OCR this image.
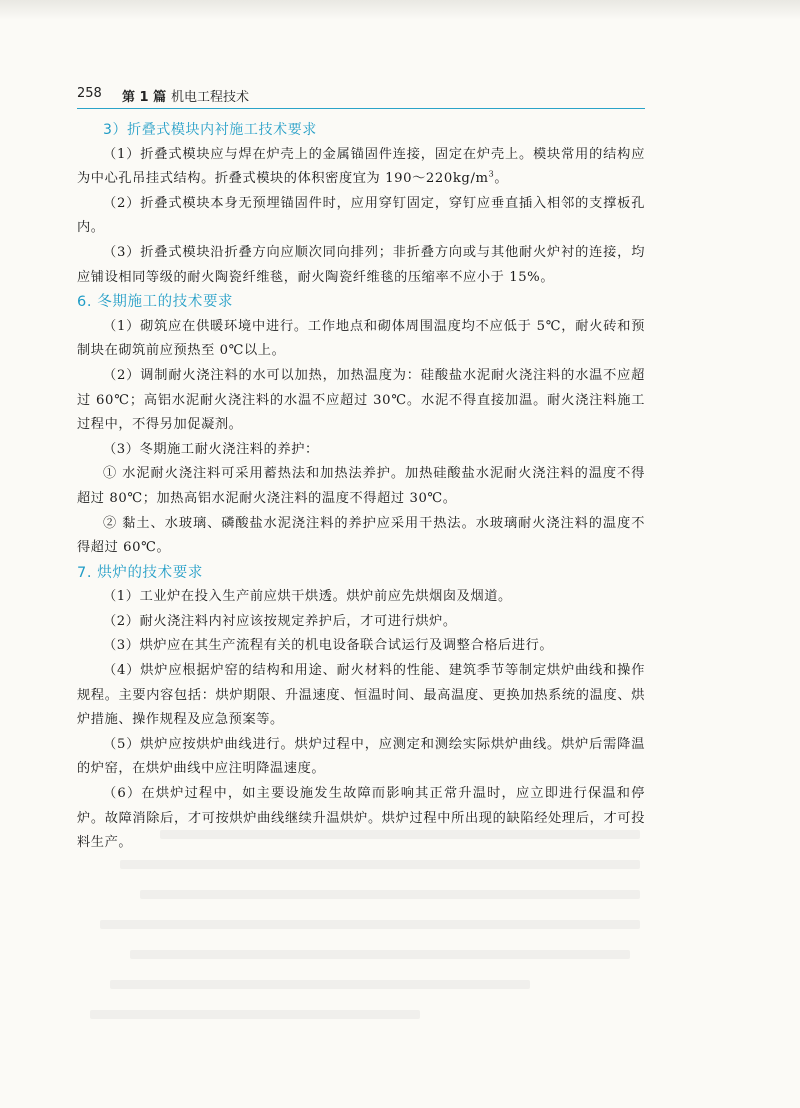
258 第 1 篇 机电工程技术
3）折叠式模块内衬施工技术要求

（1）折叠式模块应与焊在炉壳上的金属锚固件连接，固定在炉壳上。模块常用的结构应为中心孔吊挂式结构。折叠式模块的体积密度宜为 $190\sim 220kg/m^3$。

（2）折叠式模块本身无预埋锚固件时，应用穿钉固定，穿钉应垂直插入相邻的支撑板孔内。

（3）折叠式模块沿折叠方向应顺次同向排列；非折叠方向或与其他耐火炉衬的连接，均应铺设相同等级的耐火陶瓷纤维毯，耐火陶瓷纤维毯的压缩率不应小于 15%。

6. 冬期施工的技术要求

（1）砌筑应在供暖环境中进行。工作地点和砌体周围温度均不应低于 5℃，耐火砖和预制块在砌筑前应预热至 0℃以上。

（2）调制耐火浇注料的水可以加热，加热温度为：硅酸盐水泥耐火浇注料的水温不应超过 60℃；高铝水泥耐火浇注料的水温不应超过 30℃。水泥不得直接加温。耐火浇注料施工过程中，不得另加促凝剂。

（3）冬期施工耐火浇注料的养护：

① 水泥耐火浇注料可采用蓄热法和加热法养护。加热硅酸盐水泥耐火浇注料的温度不得超过 80℃；加热高铝水泥耐火浇注料的温度不得超过 30℃。

② 黏土、水玻璃、磷酸盐水泥浇注料的养护应采用干热法。水玻璃耐火浇注料的温度不得超过 60℃。

7. 烘炉的技术要求

（1）工业炉在投入生产前应烘干烘透。烘炉前应先烘烟囱及烟道。

（2）耐火浇注料内衬应该按规定养护后，才可进行烘炉。

（3）烘炉应在其生产流程有关的机电设备联合试运行及调整合格后进行。

（4）烘炉应根据炉窑的结构和用途、耐火材料的性能、建筑季节等制定烘炉曲线和操作规程。主要内容包括：烘炉期限、升温速度、恒温时间、最高温度、更换加热系统的温度、烘炉措施、操作规程及应急预案等。

（5）烘炉应按烘炉曲线进行。烘炉过程中，应测定和测绘实际烘炉曲线。烘炉后需降温的炉窑，在烘炉曲线中应注明降温速度。

（6）在烘炉过程中，如主要设施发生故障而影响其正常升温时，应立即进行保温和停炉。故障消除后，才可按烘炉曲线继续升温烘炉。烘炉过程中所出现的缺陷经处理后，才可投料生产。
